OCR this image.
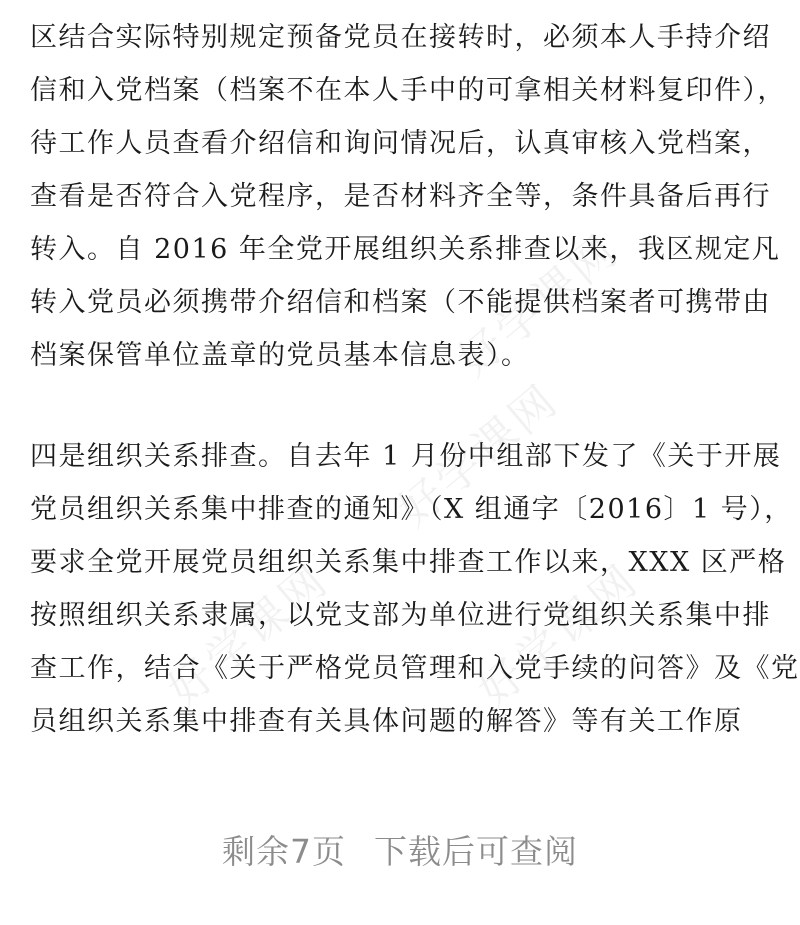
好学课网
好学课网
好学课网	好学课网
区结合实际特别规定预备党员在接转时，必须本人手持介绍
信和入党档案（档案不在本人手中的可拿相关材料复印件），
待工作人员查看介绍信和询问情况后，认真审核入党档案，
查看是否符合入党程序，是否材料齐全等，条件具备后再行
转入。自 2016 年全党开展组织关系排查以来，我区规定凡
转入党员必须携带介绍信和档案（不能提供档案者可携带由
档案保管单位盖章的党员基本信息表）。
四是组织关系排查。自去年 1 月份中组部下发了《关于开展
党员组织关系集中排查的通知》（X 组通字〔2016〕1 号），
要求全党开展党员组织关系集中排查工作以来，XXX 区严格
按照组织关系隶属，以党支部为单位进行党组织关系集中排
查工作，结合《关于严格党员管理和入党手续的问答》及《党
员组织关系集中排查有关具体问题的解答》等有关工作原
剩余7页 下载后可查阅
